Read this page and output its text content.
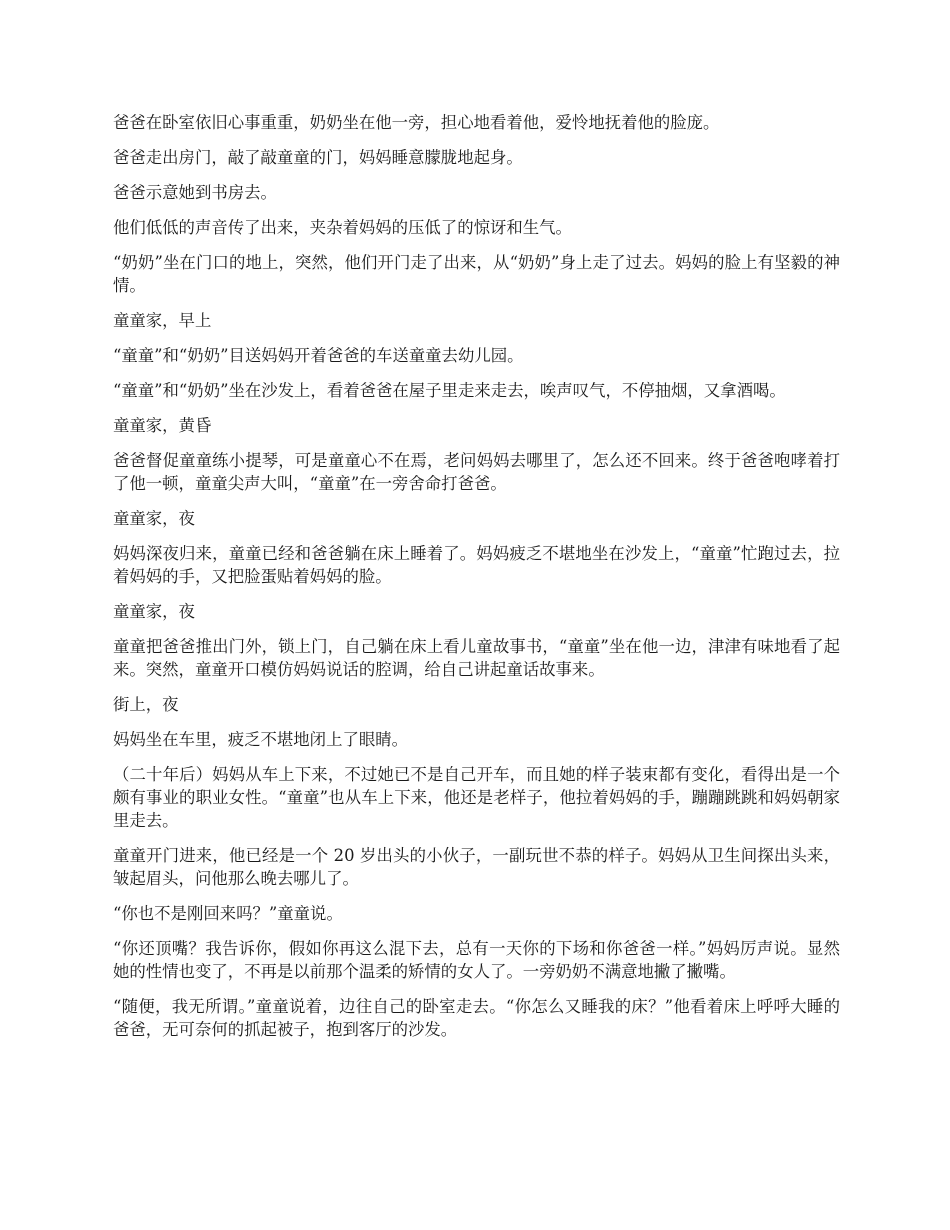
爸爸在卧室依旧心事重重，奶奶坐在他一旁，担心地看着他，爱怜地抚着他的脸庞。

爸爸走出房门，敲了敲童童的门，妈妈睡意朦胧地起身。

爸爸示意她到书房去。

他们低低的声音传了出来，夹杂着妈妈的压低了的惊讶和生气。

“奶奶”坐在门口的地上，突然，他们开门走了出来，从“奶奶”身上走了过去。妈妈的脸上有坚毅的神情。

童童家，早上

“童童”和“奶奶”目送妈妈开着爸爸的车送童童去幼儿园。

“童童”和“奶奶”坐在沙发上，看着爸爸在屋子里走来走去，唉声叹气，不停抽烟，又拿酒喝。

童童家，黄昏

爸爸督促童童练小提琴，可是童童心不在焉，老问妈妈去哪里了，怎么还不回来。终于爸爸咆哮着打了他一顿，童童尖声大叫，“童童”在一旁舍命打爸爸。

童童家，夜

妈妈深夜归来，童童已经和爸爸躺在床上睡着了。妈妈疲乏不堪地坐在沙发上，“童童”忙跑过去，拉着妈妈的手，又把脸蛋贴着妈妈的脸。

童童家，夜

童童把爸爸推出门外，锁上门，自己躺在床上看儿童故事书，“童童”坐在他一边，津津有味地看了起来。突然，童童开口模仿妈妈说话的腔调，给自己讲起童话故事来。

街上，夜

妈妈坐在车里，疲乏不堪地闭上了眼睛。

（二十年后）妈妈从车上下来，不过她已不是自己开车，而且她的样子装束都有变化，看得出是一个颇有事业的职业女性。“童童”也从车上下来，他还是老样子，他拉着妈妈的手，蹦蹦跳跳和妈妈朝家里走去。

童童开门进来，他已经是一个 20 岁出头的小伙子，一副玩世不恭的样子。妈妈从卫生间探出头来，皱起眉头，问他那么晚去哪儿了。

“你也不是刚回来吗？”童童说。

“你还顶嘴？我告诉你，假如你再这么混下去，总有一天你的下场和你爸爸一样。”妈妈厉声说。显然她的性情也变了，不再是以前那个温柔的矫情的女人了。一旁奶奶不满意地撇了撇嘴。

“随便，我无所谓。”童童说着，边往自己的卧室走去。“你怎么又睡我的床？”他看着床上呼呼大睡的爸爸，无可奈何的抓起被子，抱到客厅的沙发。
